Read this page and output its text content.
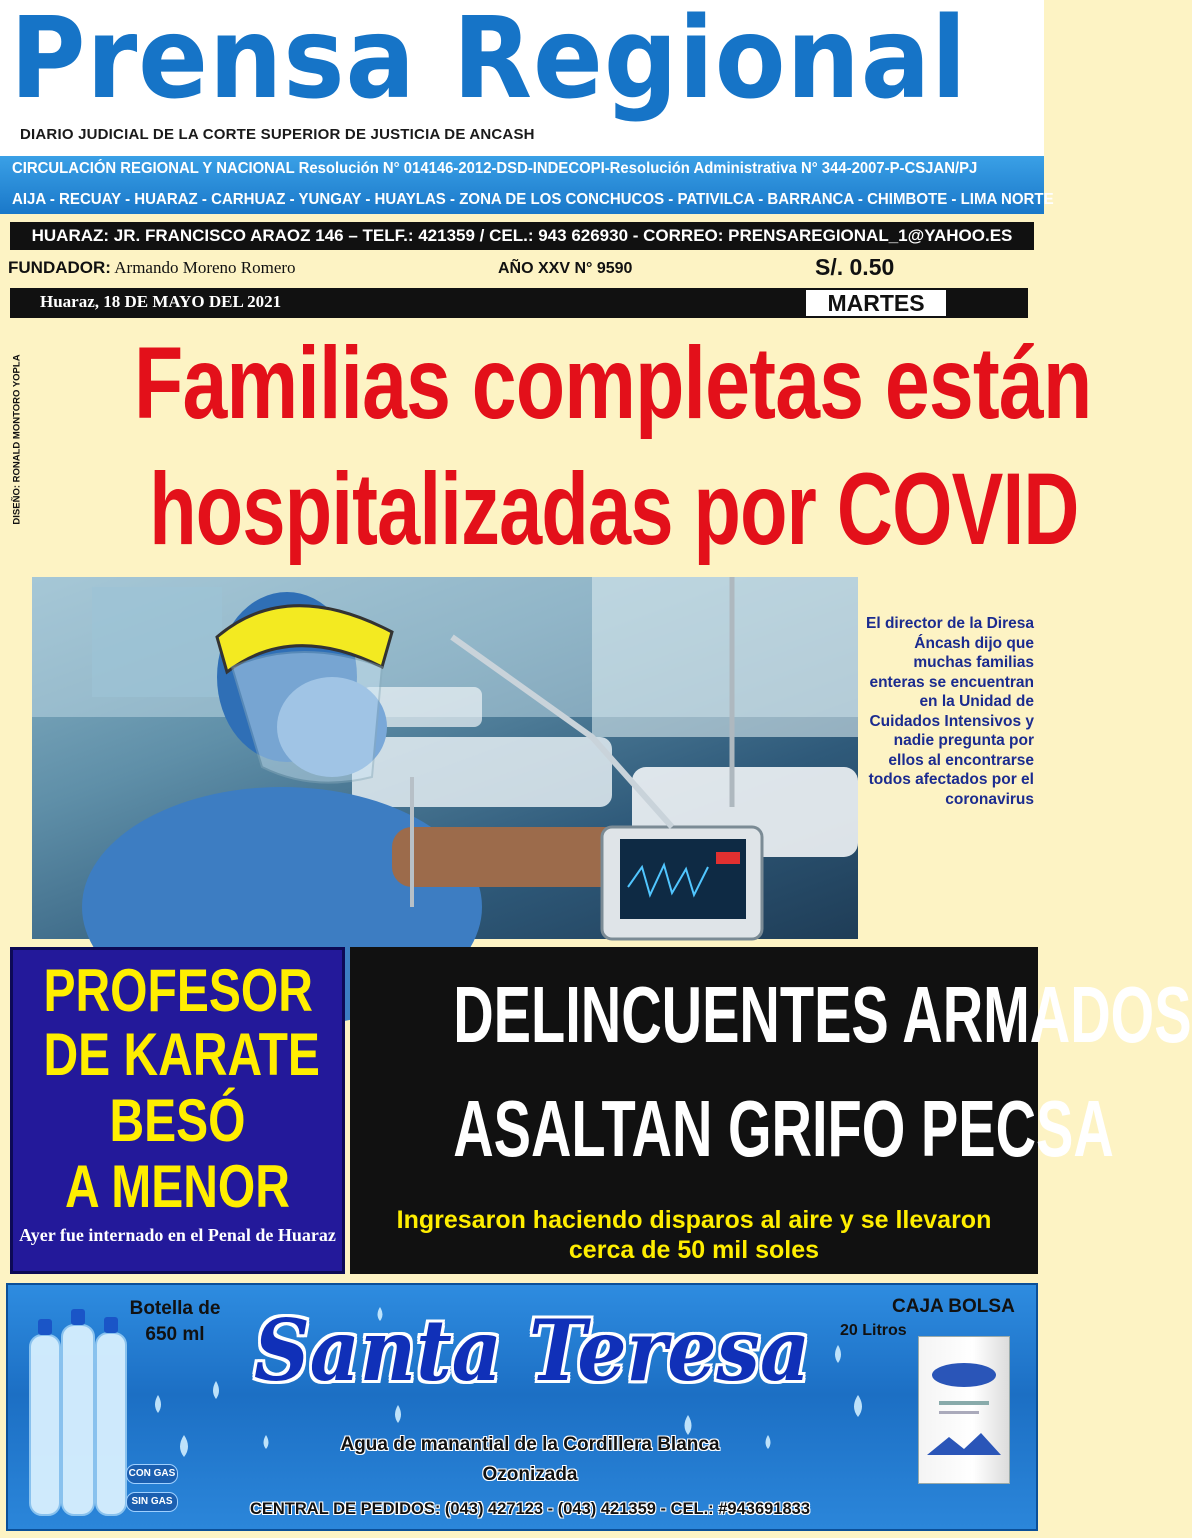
Prensa Regional
DIARIO JUDICIAL DE LA CORTE SUPERIOR DE JUSTICIA DE ANCASH
CIRCULACIÓN REGIONAL Y NACIONAL Resolución N° 014146-2012-DSD-INDECOPI-Resolución Administrativa N° 344-2007-P-CSJAN/PJ
AIJA - RECUAY - HUARAZ - CARHUAZ - YUNGAY - HUAYLAS - ZONA DE LOS CONCHUCOS - PATIVILCA - BARRANCA - CHIMBOTE - LIMA NORTE
HUARAZ: JR. FRANCISCO ARAOZ 146 – TELF.: 421359 / CEL.: 943 626930 - CORREO: PRENSAREGIONAL_1@YAHOO.ES
FUNDADOR: Armando Moreno Romero	AÑO XXV N° 9590	S/. 0.50
Huaraz, 18 DE MAYO DEL 2021	MARTES
DISEÑO: RONALD MONTORO YOPLA Familias completas están
hospitalizadas por COVID
El director de la Diresa Áncash dijo que muchas familias enteras se encuentran en la Unidad de Cuidados Intensivos y nadie pregunta por ellos al encontrarse todos afectados por el coronavirus
PROFESOR
DE KARATE
BESÓ
A MENOR
Ayer fue internado en el Penal de Huaraz
DELINCUENTES ARMADOS
ASALTAN GRIFO PECSA
Ingresaron haciendo disparos al aire y se llevaron cerca de 50 mil soles
Botella de 650 ml Santa Teresa	CAJA BOLSA
20 Litros
Agua de manantial de la Cordillera Blanca Ozonizada
CON GAS
SIN GAS	CENTRAL DE PEDIDOS: (043) 427123 - (043) 421359 - CEL.: #943691833
